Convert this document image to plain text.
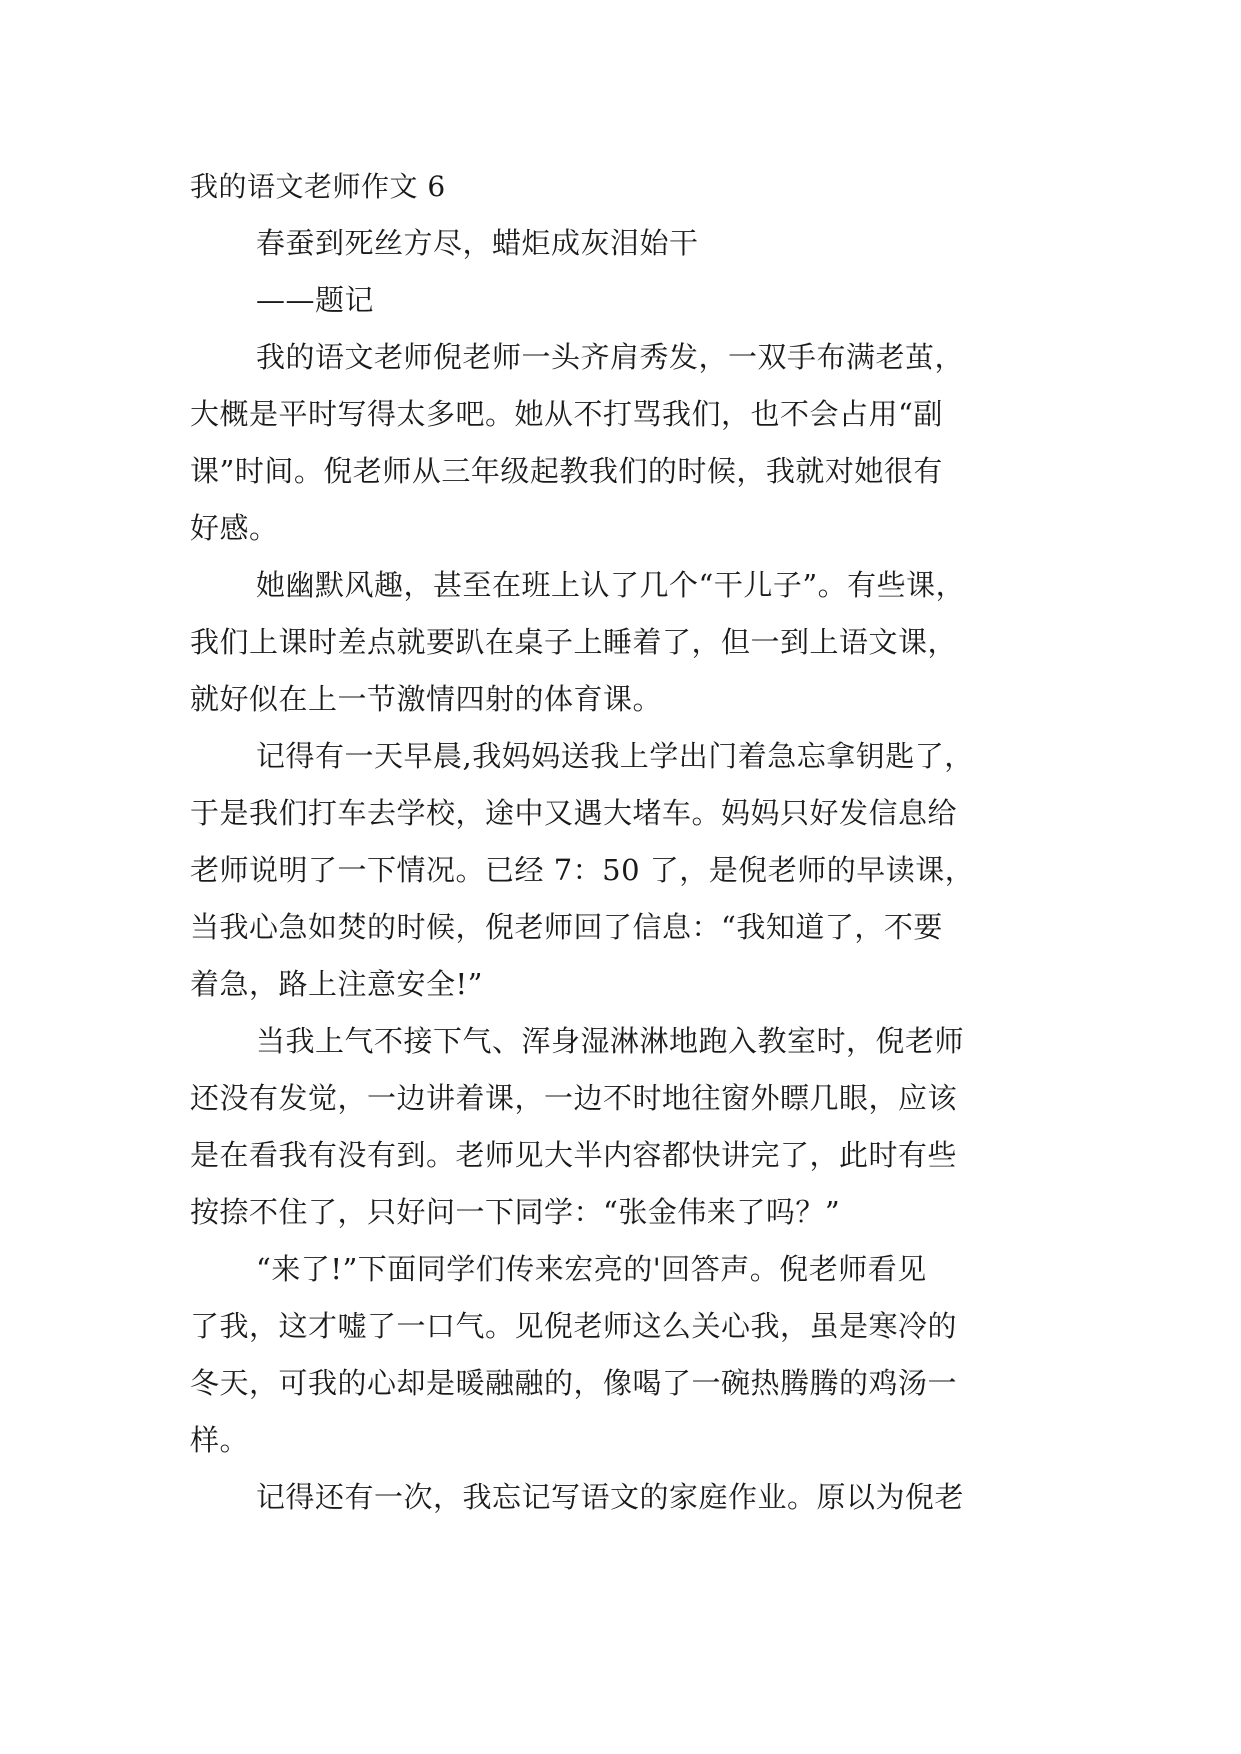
我的语文老师作文 6
春蚕到死丝方尽，蜡炬成灰泪始干
——题记
我的语文老师倪老师一头齐肩秀发，一双手布满老茧，
大概是平时写得太多吧。她从不打骂我们，也不会占用“副
课”时间。倪老师从三年级起教我们的时候，我就对她很有
好感。
她幽默风趣，甚至在班上认了几个“干儿子”。有些课，
我们上课时差点就要趴在桌子上睡着了，但一到上语文课，
就好似在上一节激情四射的体育课。
记得有一天早晨,我妈妈送我上学出门着急忘拿钥匙了，
于是我们打车去学校，途中又遇大堵车。妈妈只好发信息给
老师说明了一下情况。已经 7：50 了，是倪老师的早读课，
当我心急如焚的时候，倪老师回了信息：“我知道了，不要
着急，路上注意安全!”
当我上气不接下气、浑身湿淋淋地跑入教室时，倪老师
还没有发觉，一边讲着课，一边不时地往窗外瞟几眼，应该
是在看我有没有到。老师见大半内容都快讲完了，此时有些
按捺不住了，只好问一下同学：“张金伟来了吗？”
“来了!”下面同学们传来宏亮的'回答声。倪老师看见
了我，这才嘘了一口气。见倪老师这么关心我，虽是寒冷的
冬天，可我的心却是暖融融的，像喝了一碗热腾腾的鸡汤一
样。
记得还有一次，我忘记写语文的家庭作业。原以为倪老
